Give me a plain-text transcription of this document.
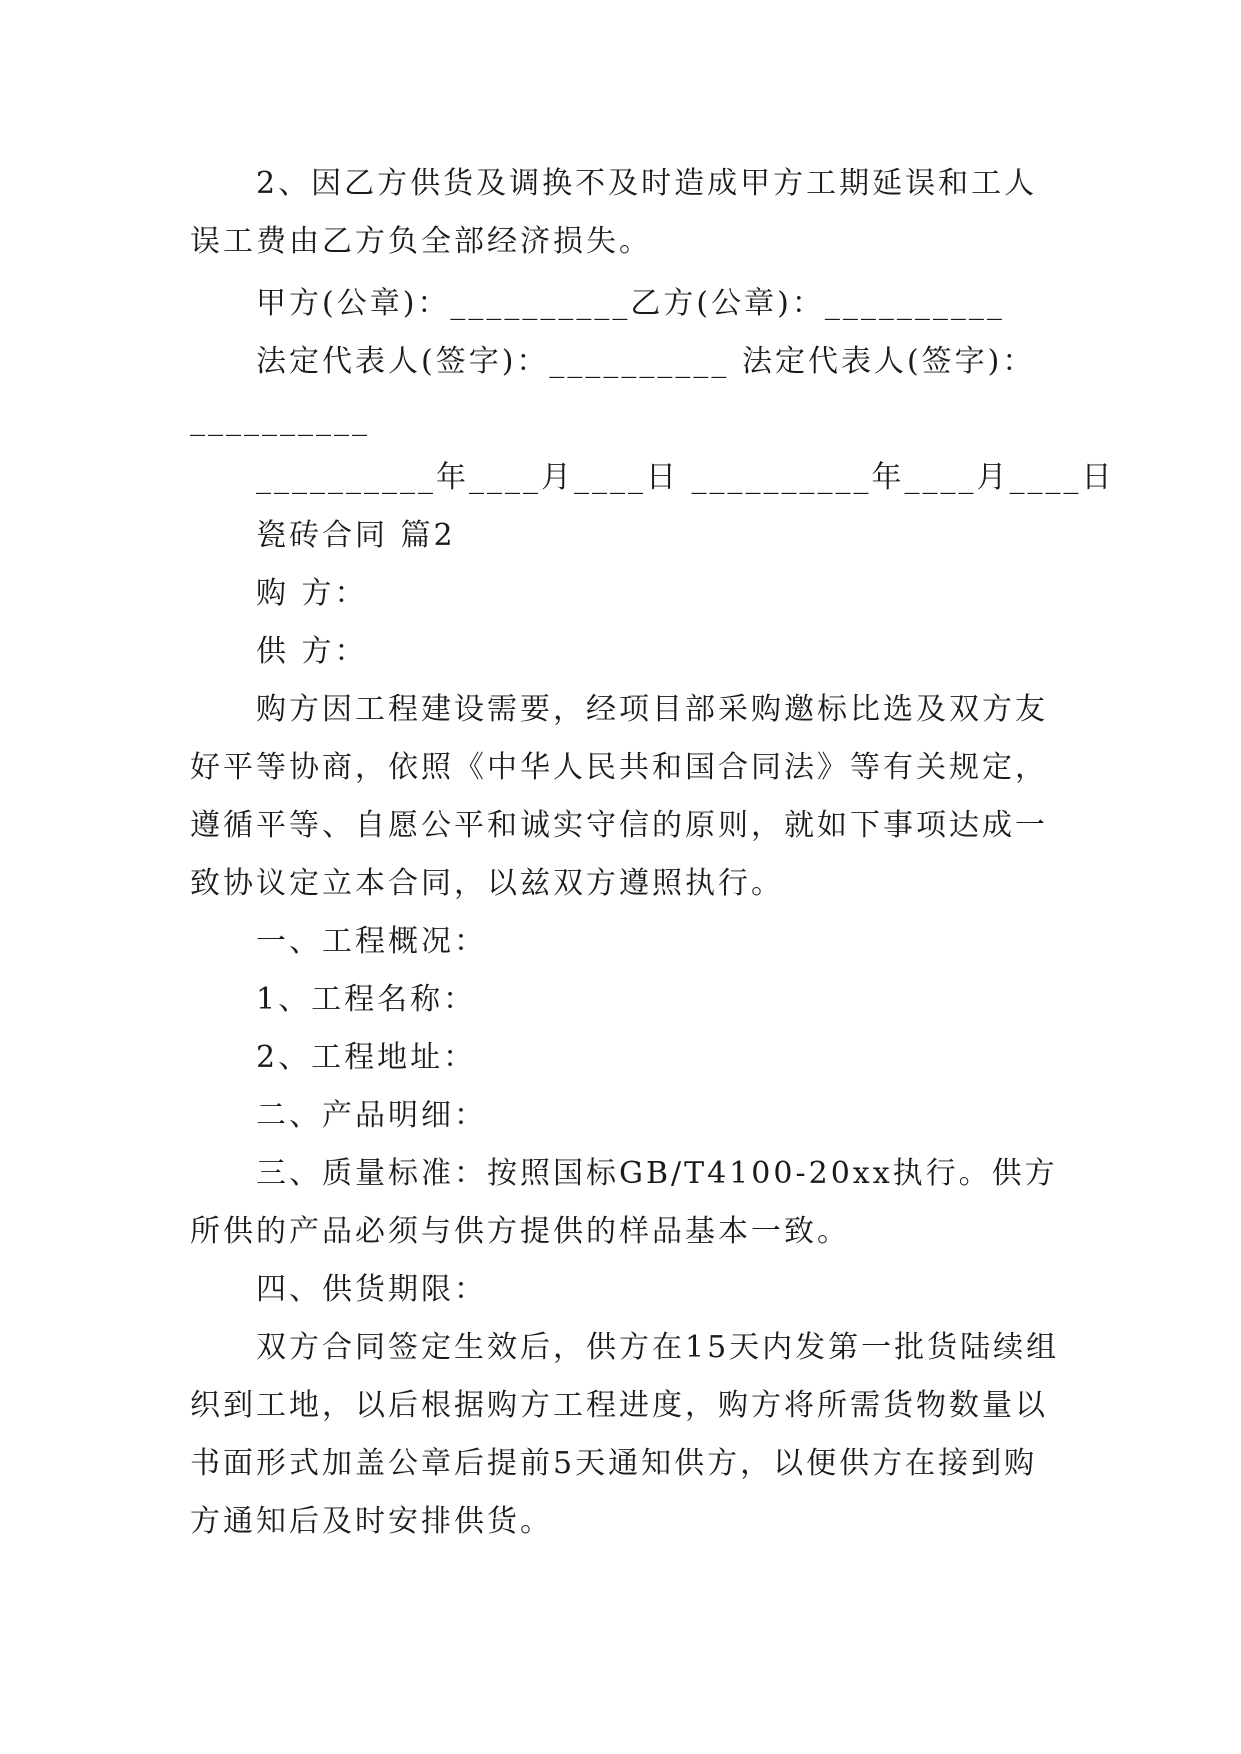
2、因乙方供货及调换不及时造成甲方工期延误和工人误工费由乙方负全部经济损失。

甲方(公章)：__________乙方(公章)：__________

法定代表人(签字)：__________ 法定代表人(签字)：

__________

__________年____月____日 __________年____月____日

瓷砖合同 篇2

购 方：

供 方：

购方因工程建设需要，经项目部采购邀标比选及双方友好平等协商，依照《中华人民共和国合同法》等有关规定，遵循平等、自愿公平和诚实守信的原则，就如下事项达成一致协议定立本合同，以兹双方遵照执行。

一、工程概况：

1、工程名称：

2、工程地址：

二、产品明细：

三、质量标准：按照国标GB/T4100-20xx执行。供方所供的产品必须与供方提供的样品基本一致。

四、供货期限：

双方合同签定生效后，供方在15天内发第一批货陆续组织到工地，以后根据购方工程进度，购方将所需货物数量以书面形式加盖公章后提前5天通知供方，以便供方在接到购方通知后及时安排供货。
